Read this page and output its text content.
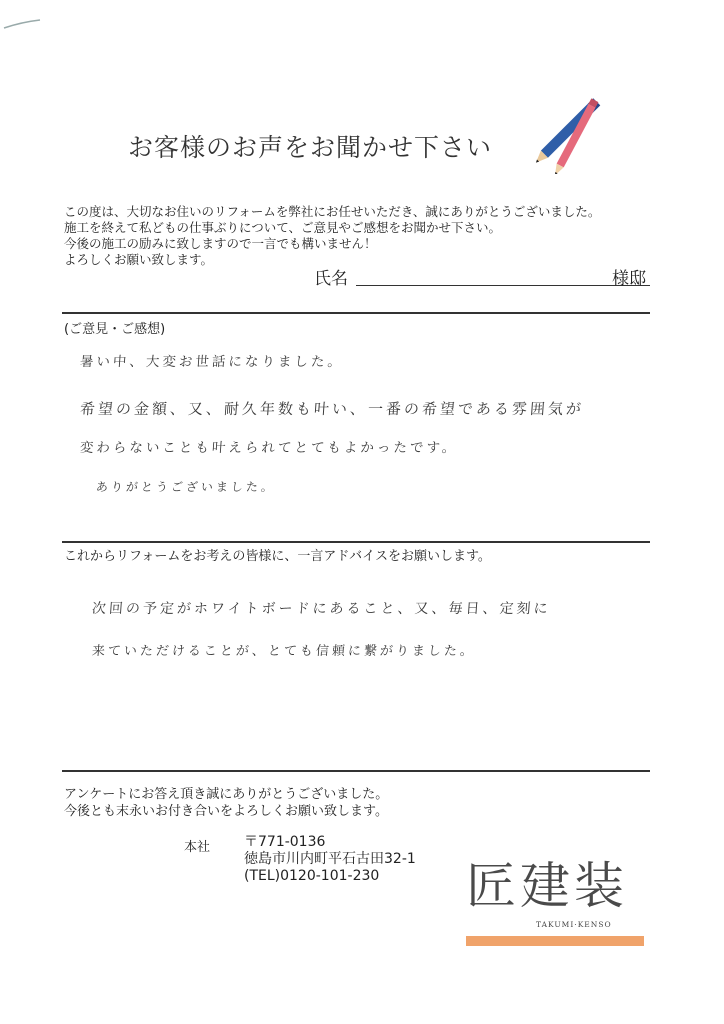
お客様のお声をお聞かせ下さい
この度は、大切なお住いのリフォームを弊社にお任せいただき、誠にありがとうございました。
施工を終えて私どもの仕事ぶりについて、ご意見やご感想をお聞かせ下さい。
今後の施工の励みに致しますので一言でも構いません！
よろしくお願い致します。
氏名	様邸
(ご意見・ご感想)
暑い中、大変お世話になりました。
希望の金額、又、耐久年数も叶い、一番の希望である雰囲気が
変わらないことも叶えられてとてもよかったです。
ありがとうございました。
これからリフォームをお考えの皆様に、一言アドバイスをお願いします。
次回の予定がホワイトボードにあること、又、毎日、定刻に
来ていただけることが、とても信頼に繋がりました。
アンケートにお答え頂き誠にありがとうございました。
今後とも末永いお付き合いをよろしくお願い致します。
本社 〒771-0136
徳島市川内町平石古田32-1
(TEL)0120-101-230	匠建装
TAKUMI·KENSO
